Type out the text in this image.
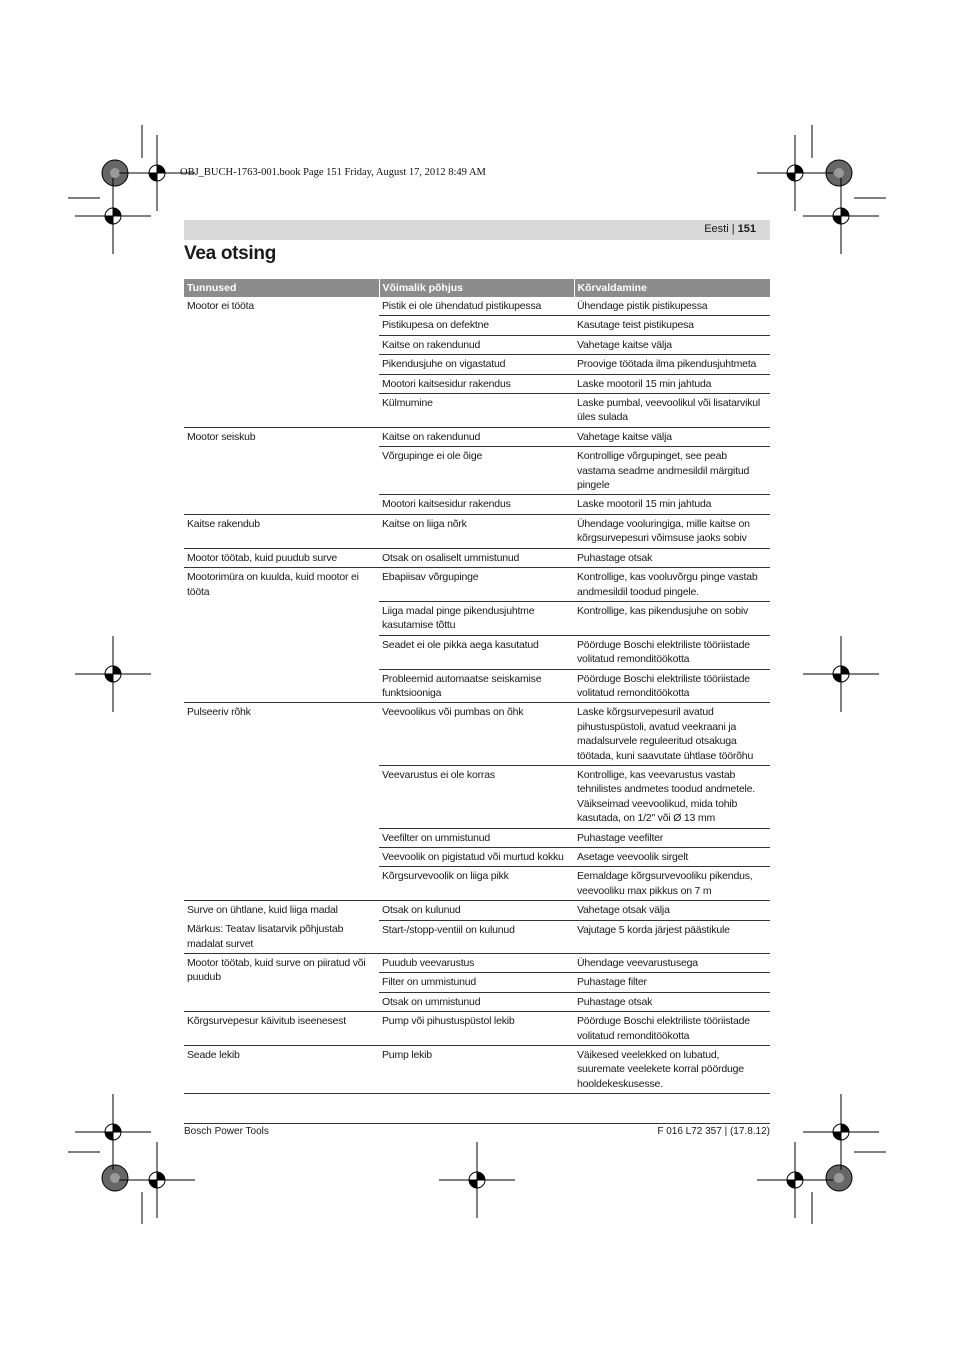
OBJ_BUCH-1763-001.book Page 151 Friday, August 17, 2012 8:49 AM
Eesti | 151
Vea otsing
Tunnused	Võimalik põhjus	Kõrvaldamine
Mootor ei tööta	Pistik ei ole ühendatud pistikupessa	Ühendage pistik pistikupessa
	Pistikupesa on defektne	Kasutage teist pistikupesa
	Kaitse on rakendunud	Vahetage kaitse välja
	Pikendusjuhe on vigastatud	Proovige töötada ilma pikendusjuhtmeta
	Mootori kaitsesidur rakendus	Laske mootoril 15 min jahtuda
	Külmumine	Laske pumbal, veevoolikul või lisatarvikul üles sulada
Mootor seiskub	Kaitse on rakendunud	Vahetage kaitse välja
	Võrgupinge ei ole õige	Kontrollige võrgupinget, see peab vastama seadme andmesildil märgitud pingele
	Mootori kaitsesidur rakendus	Laske mootoril 15 min jahtuda
Kaitse rakendub	Kaitse on liiga nõrk	Ühendage vooluringiga, mille kaitse on kõrgsurvepesuri võimsuse jaoks sobiv
Mootor töötab, kuid puudub surve	Otsak on osaliselt ummistunud	Puhastage otsak
Mootorimüra on kuulda, kuid mootor ei tööta	Ebapiisav võrgupinge	Kontrollige, kas vooluvõrgu pinge vastab andmesildil toodud pingele.
	Liiga madal pinge pikendusjuhtme kasutamise tõttu	Kontrollige, kas pikendusjuhe on sobiv
	Seadet ei ole pikka aega kasutatud	Pöörduge Boschi elektriliste tööriistade volitatud remonditöökotta
	Probleemid automaatse seiskamise funktsiooniga	Pöörduge Boschi elektriliste tööriistade volitatud remonditöökotta
Pulseeriv rõhk	Veevoolikus või pumbas on õhk	Laske kõrgsurvepesuril avatud pihustuspüstoli, avatud veekraani ja madalsurvele reguleeritud otsakuga töötada, kuni saavutate ühtlase töörõhu
	Veevarustus ei ole korras	Kontrollige, kas veevarustus vastab tehnilistes andmetes toodud andmetele. Väikseimad veevoolikud, mida tohib kasutada, on 1/2" või Ø 13 mm
	Veefilter on ummistunud	Puhastage veefilter
	Veevoolik on pigistatud või murtud kokku	Asetage veevoolik sirgelt
	Kõrgsurvevoolik on liiga pikk	Eemaldage kõrgsurvevooliku pikendus, veevooliku max pikkus on 7 m
Surve on ühtlane, kuid liiga madal	Otsak on kulunud	Vahetage otsak välja
Märkus: Teatav lisatarvik põhjustab madalat survet	Start-/stopp-ventiil on kulunud	Vajutage 5 korda järjest päästikule
Mootor töötab, kuid surve on piiratud või puudub	Puudub veevarustus	Ühendage veevarustusega
	Filter on ummistunud	Puhastage filter
	Otsak on ummistunud	Puhastage otsak
Kõrgsurvepesur käivitub iseenesest	Pump või pihustuspüstol lekib	Pöörduge Boschi elektriliste tööriistade volitatud remonditöökotta
Seade lekib	Pump lekib	Väikesed veelekked on lubatud, suuremate veelekete korral pöörduge hooldekeskusesse.
Bosch Power Tools	F 016 L72 357 | (17.8.12)
